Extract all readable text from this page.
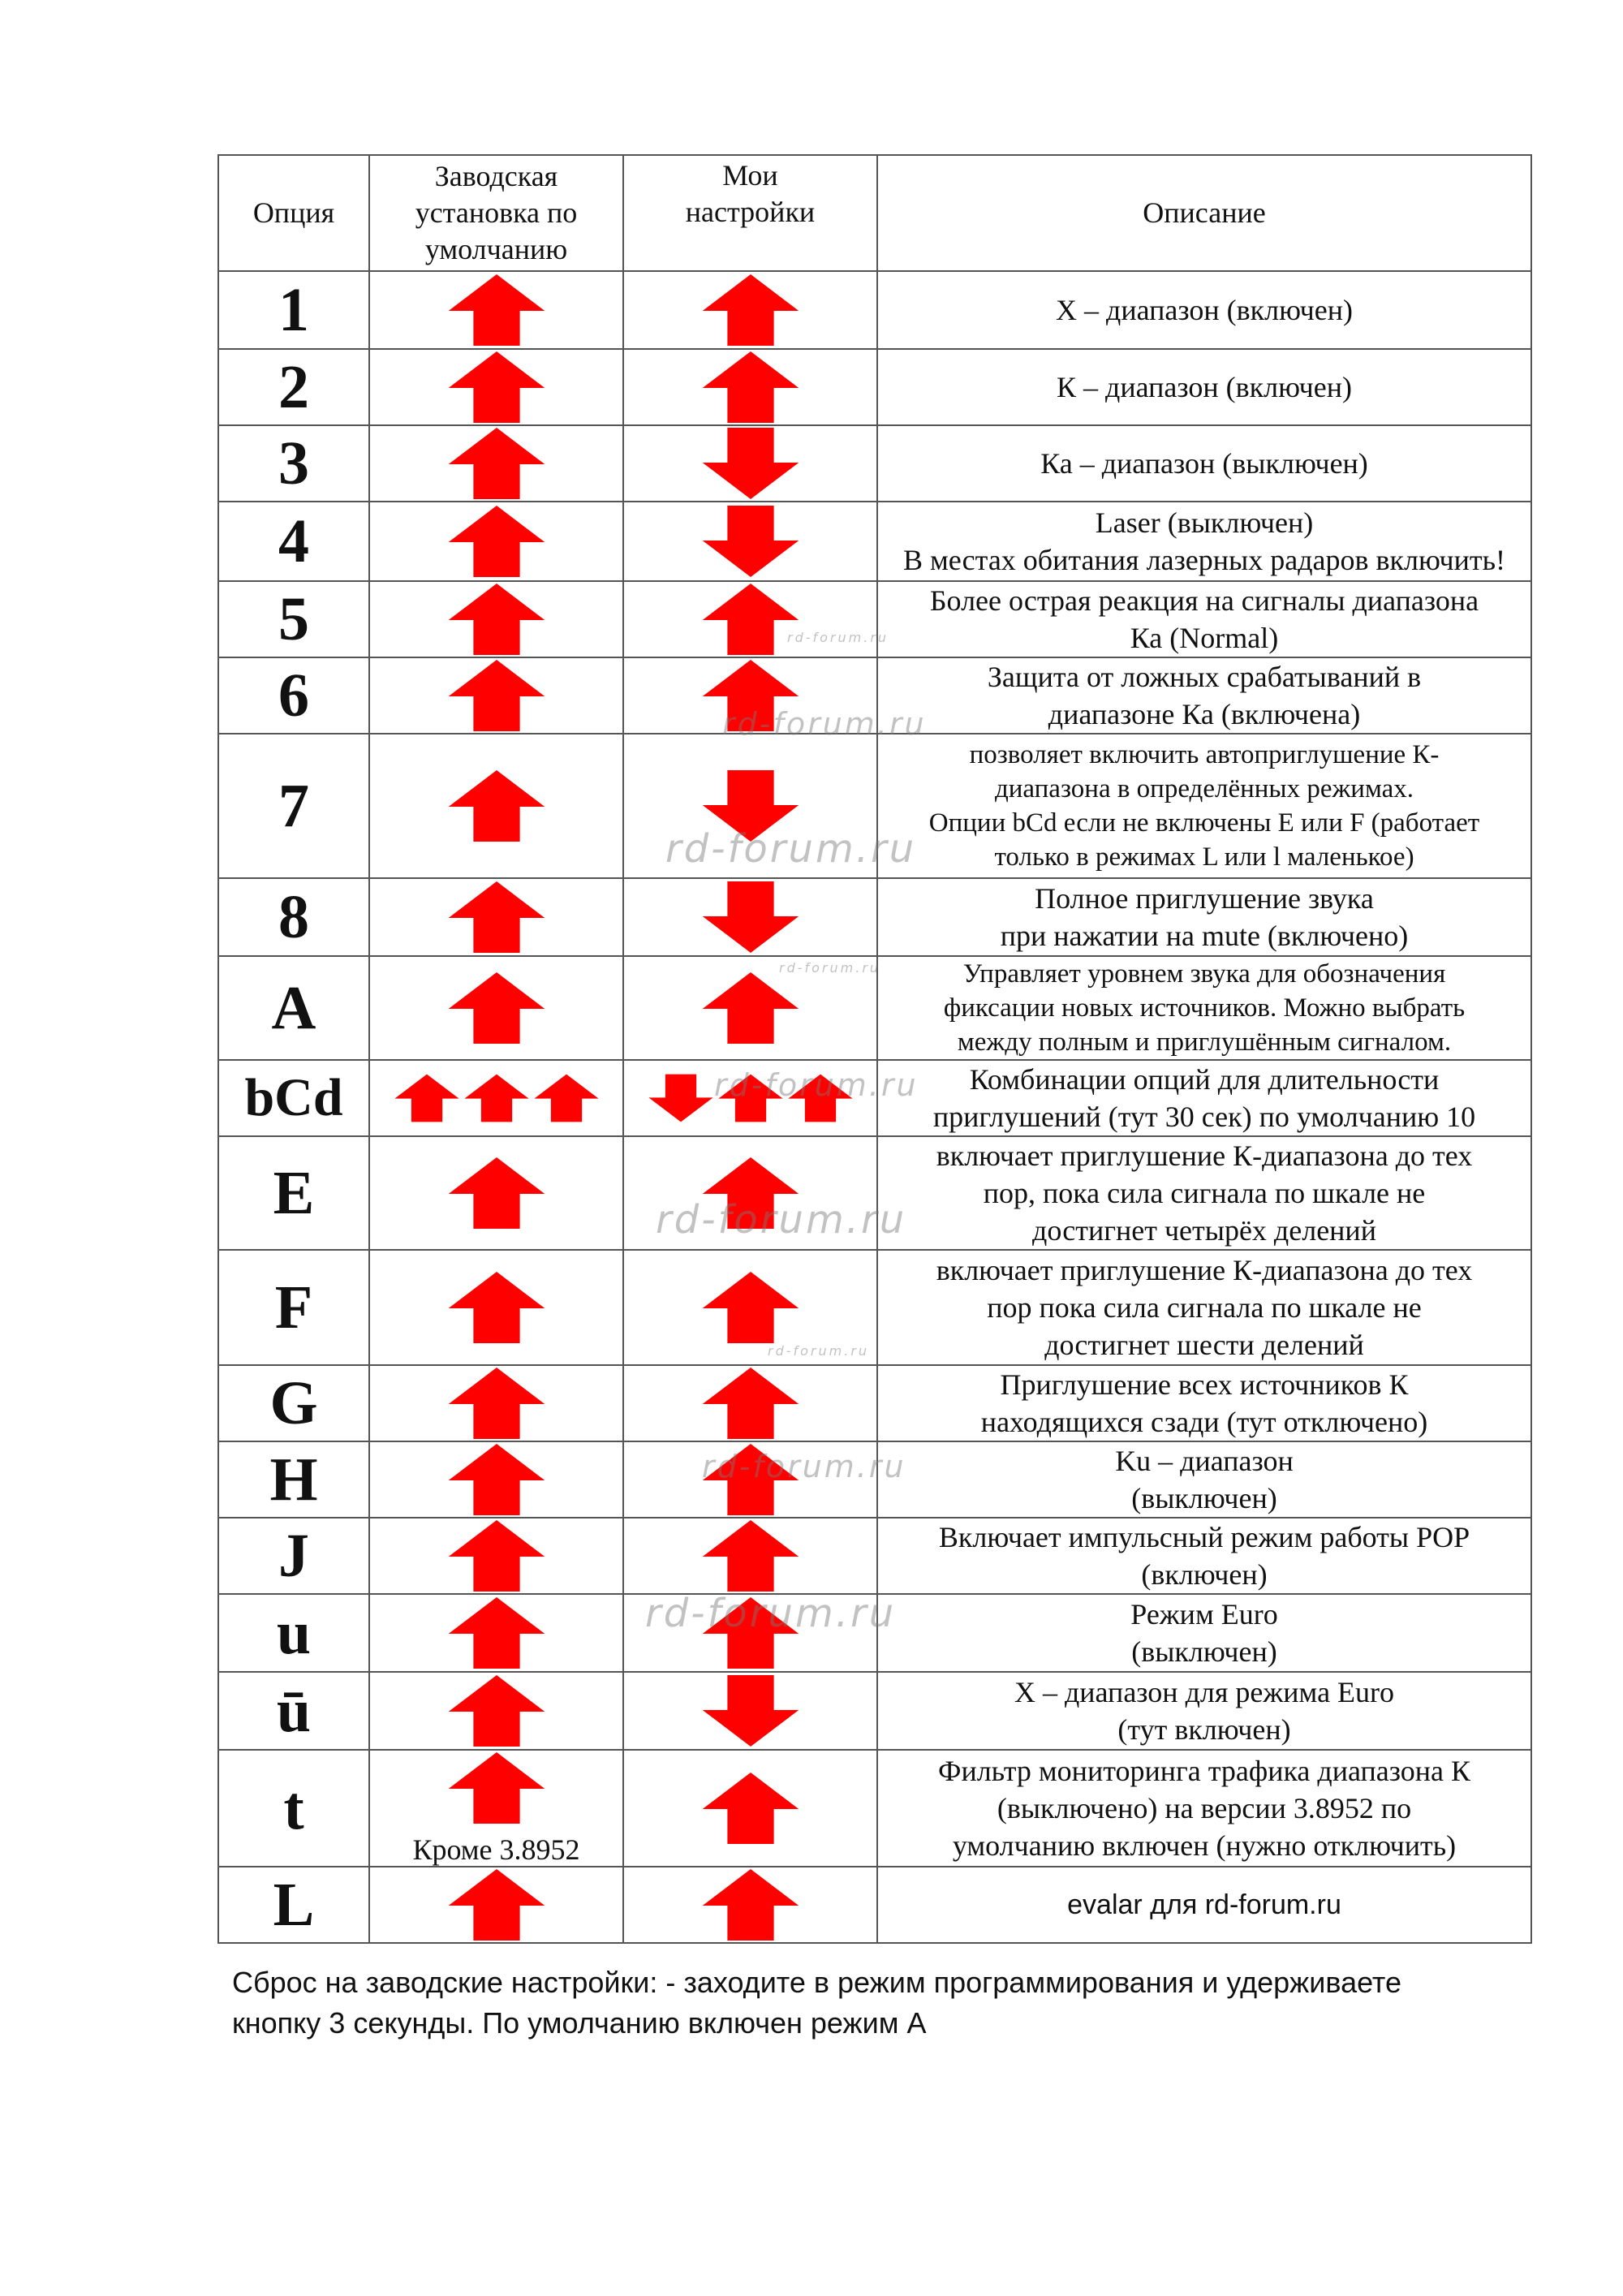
Опция	Заводская установка по умолчанию	Мои настройки	Описание
1			X – диапазон (включен)

2			К – диапазон (включен)

3			Ка – диапазон (выключен)

4			Laser (выключен)
В местах обитания лазерных радаров включить!

5			Более острая реакция на сигналы диапазона
Ка (Normal)

6			Защита от ложных срабатываний в
диапазоне Ка (включена)

7			позволяет включить автоприглушение К-
диапазона в определённых режимах.
Опции bCd если не включены E или F (работает
только в режимах L или l маленькое)

8			Полное приглушение звука
при нажатии на mute (включено)

A			Управляет уровнем звука для обозначения
фиксации новых источников. Можно выбрать
между полным и приглушённым сигналом.

bCd			Комбинации опций для длительности
приглушений (тут 30 сек) по умолчанию 10

E			включает приглушение К-диапазона до тех
пор, пока сила сигнала по шкале не
достигнет четырёх делений

F			включает приглушение К-диапазона до тех
пор пока сила сигнала по шкале не
достигнет шести делений

G			Приглушение всех источников К
находящихся сзади (тут отключено)

H			Ku – диапазон
(выключен)

J			Включает импульсный режим работы POP
(включен)

u			Режим Euro
(выключен)

ū			X – диапазон для режима Euro
(тут включен)

t	Кроме 3.8952		Фильтр мониторинга трафика диапазона К
(выключено) на версии 3.8952 по
умолчанию включен (нужно отключить)

L			evalar для rd-forum.ru
Сброс на заводские настройки: - заходите в режим программирования и удерживаете
кнопку 3 секунды. По умолчанию включен режим А
rd-forum.ru
rd-forum.ru
rd-forum.ru
rd-forum.ru
rd-forum.ru
rd-forum.ru
rd-forum.ru
rd-forum.ru
rd-forum.ru
